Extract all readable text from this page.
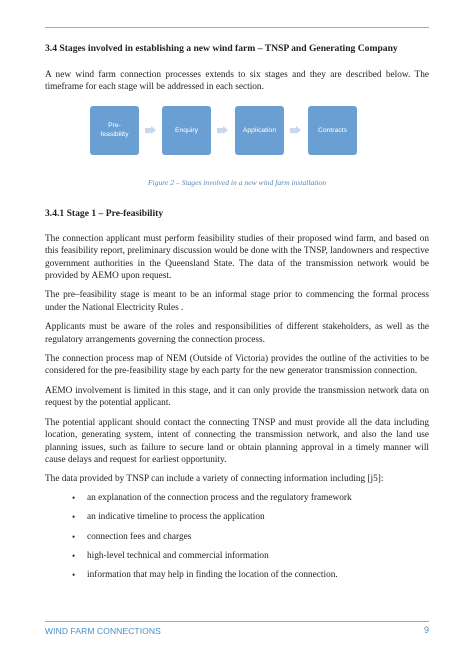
3.4 Stages involved in establishing a new wind farm – TNSP and Generating Company

A new wind farm connection processes extends to six stages and they are described below. The timeframe for each stage will be addressed in each section.

Pre-feasibility
Enquiry	Application	Contracts
Figure 2 – Stages involved in a new wind farm installation
3.4.1 Stage 1 – Pre-feasibility

The connection applicant must perform feasibility studies of their proposed wind farm, and based on this feasibility report, preliminary discussion would be done with the TNSP, landowners and respective government authorities in the Queensland State. The data of the transmission network would be provided by AEMO upon request.

The pre–feasibility stage is meant to be an informal stage prior to commencing the formal process under the National Electricity Rules .

Applicants must be aware of the roles and responsibilities of different stakeholders, as well as the regulatory arrangements governing the connection process.

The connection process map of NEM (Outside of Victoria) provides the outline of the activities to be considered for the pre-feasibility stage by each party for the new generator transmission connection.

AEMO involvement is limited in this stage, and it can only provide the transmission network data on request by the potential applicant.

The potential applicant should contact the connecting TNSP and must provide all the data including location, generating system, intent of connecting the transmission network, and also the land use planning issues, such as failure to secure land or obtain planning approval in a timely manner will cause delays and request for earliest opportunity.

The data provided by TNSP can include a variety of connecting information including [j5]:

• an explanation of the connection process and the regulatory framework
• an indicative timeline to process the application
• connection fees and charges
• high-level technical and commercial information
• information that may help in finding the location of the connection.
WIND FARM CONNECTIONS	9
